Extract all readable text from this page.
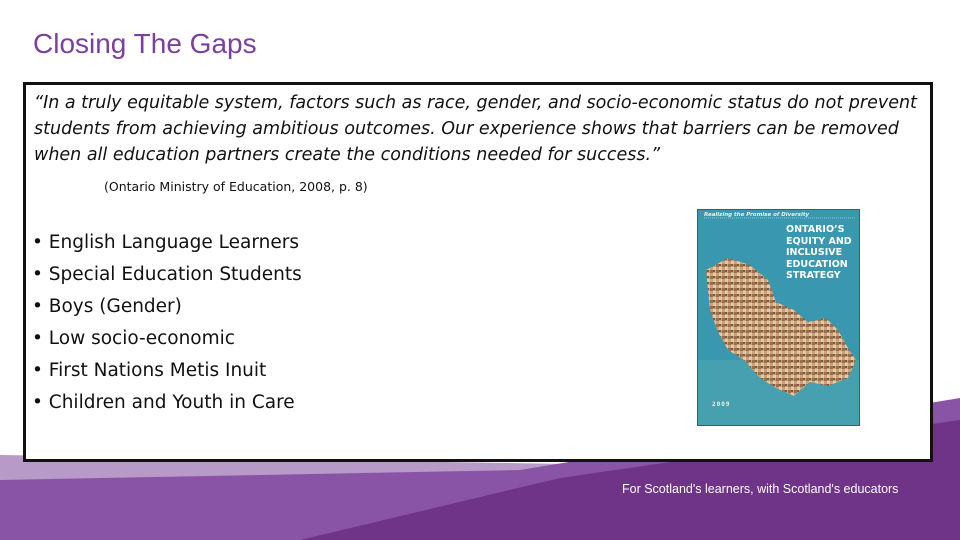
Closing The Gaps

“In a truly equitable system, factors such as race, gender, and socio-economic status do not prevent students from achieving ambitious outcomes. Our experience shows that barriers can be removed when all education partners create the conditions needed for success.”

(Ontario Ministry of Education, 2008, p. 8)
• English Language Learners
• Special Education Students
• Boys (Gender)
• Low socio-economic
• First Nations Metis Inuit
• Children and Youth in Care
Realizing the Promise of Diversity
ONTARIO’S
EQUITY AND
INCLUSIVE
EDUCATION
STRATEGY
2009
For Scotland's learners, with Scotland's educators
